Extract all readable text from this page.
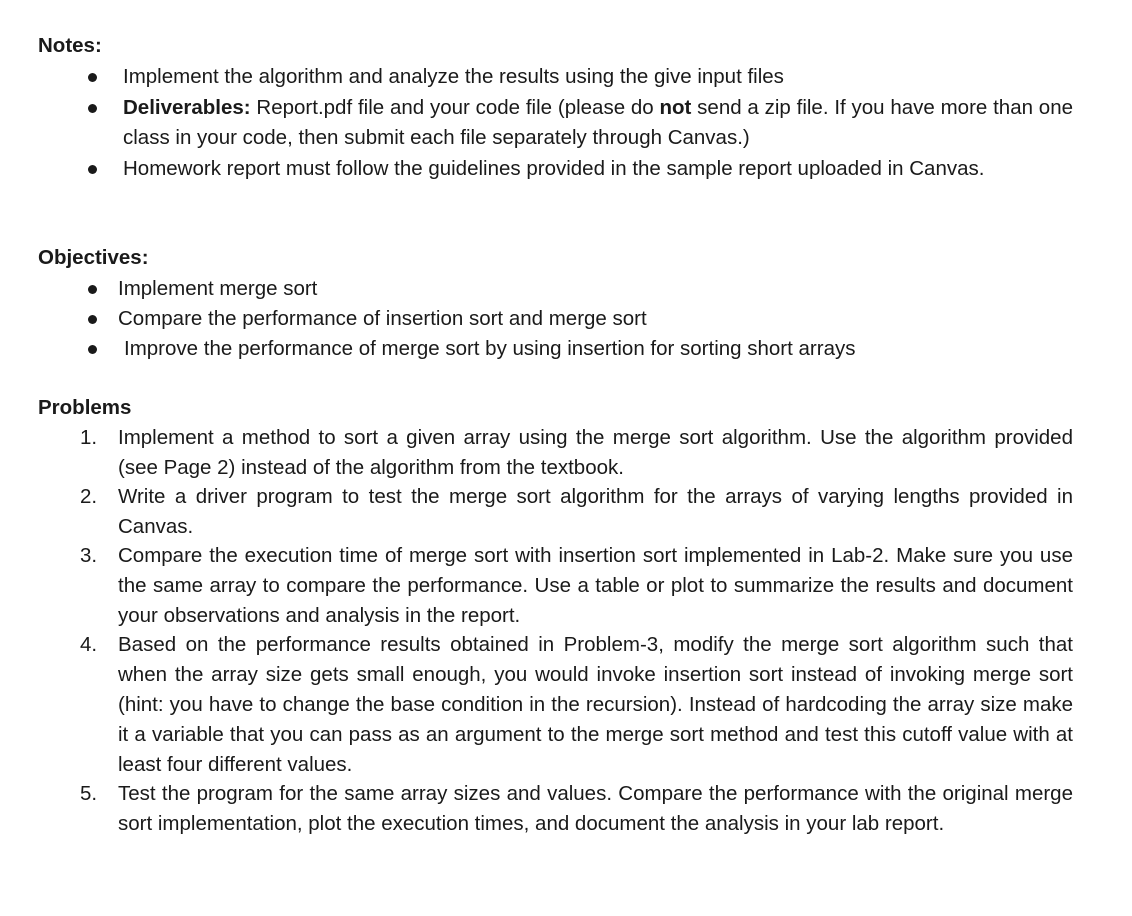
Notes:
Implement the algorithm and analyze the results using the give input files
Deliverables: Report.pdf file and your code file (please do not send a zip file. If you have more than one class in your code, then submit each file separately through Canvas.)
Homework report must follow the guidelines provided in the sample report uploaded in Canvas.
Objectives:
Implement merge sort
Compare the performance of insertion sort and merge sort
Improve the performance of merge sort by using insertion for sorting short arrays
Problems
1.	Implement a method to sort a given array using the merge sort algorithm. Use the algorithm provided (see Page 2) instead of the algorithm from the textbook.
2.	Write a driver program to test the merge sort algorithm for the arrays of varying lengths provided in Canvas.
3.	Compare the execution time of merge sort with insertion sort implemented in Lab-2. Make sure you use the same array to compare the performance. Use a table or plot to summarize the results and document your observations and analysis in the report.
4.	Based on the performance results obtained in Problem-3, modify the merge sort algorithm such that when the array size gets small enough, you would invoke insertion sort instead of invoking merge sort (hint: you have to change the base condition in the recursion). Instead of hardcoding the array size make it a variable that you can pass as an argument to the merge sort method and test this cutoff value with at least four different values.
5.	Test the program for the same array sizes and values. Compare the performance with the original merge sort implementation, plot the execution times, and document the analysis in your lab report.
